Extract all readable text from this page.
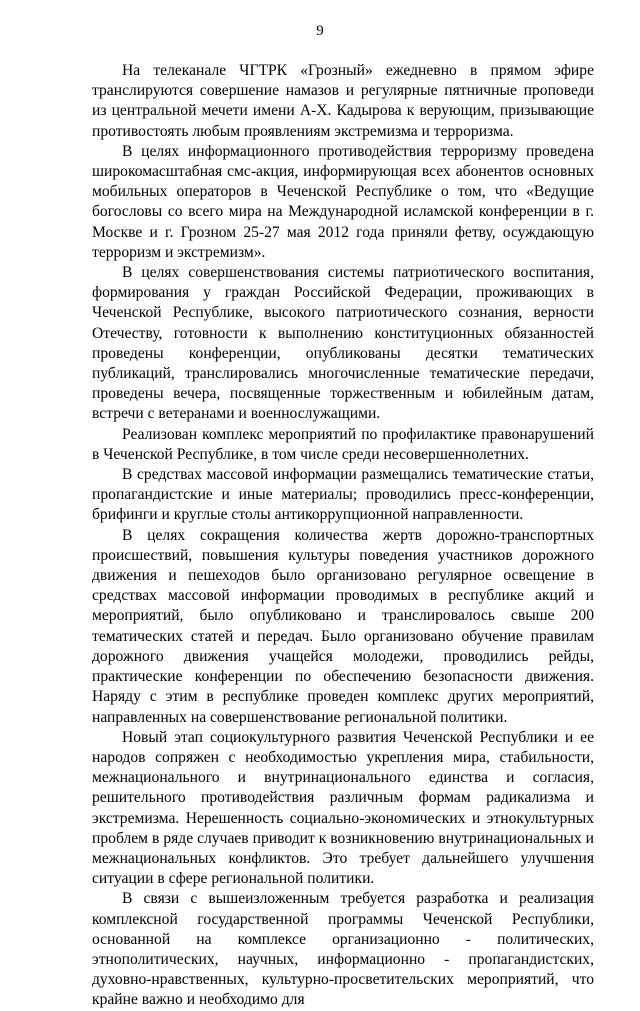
9

На телеканале ЧГТРК «Грозный» ежедневно в прямом эфире транслируются совершение намазов и регулярные пятничные проповеди из центральной мечети имени А-Х. Кадырова к верующим, призывающие противостоять любым проявлениям экстремизма и терроризма.

В целях информационного противодействия терроризму проведена широкомасштабная смс-акция, информирующая всех абонентов основных мобильных операторов в Чеченской Республике о том, что «Ведущие богословы со всего мира на Международной исламской конференции в г. Москве и г. Грозном 25-27 мая 2012 года приняли фетву, осуждающую терроризм и экстремизм».

В целях совершенствования системы патриотического воспитания, формирования у граждан Российской Федерации, проживающих в Чеченской Республике, высокого патриотического сознания, верности Отечеству, готовности к выполнению конституционных обязанностей проведены конференции, опубликованы десятки тематических публикаций, транслировались многочисленные тематические передачи, проведены вечера, посвященные торжественным и юбилейным датам, встречи с ветеранами и военнослужащими.

Реализован комплекс мероприятий по профилактике правонарушений в Чеченской Республике, в том числе среди несовершеннолетних.

В средствах массовой информации размещались тематические статьи, пропагандистские и иные материалы; проводились пресс-конференции, брифинги и круглые столы антикоррупционной направленности.

В целях сокращения количества жертв дорожно-транспортных происшествий, повышения культуры поведения участников дорожного движения и пешеходов было организовано регулярное освещение в средствах массовой информации проводимых в республике акций и мероприятий, было опубликовано и транслировалось свыше 200 тематических статей и передач. Было организовано обучение правилам дорожного движения учащейся молодежи, проводились рейды, практические конференции по обеспечению безопасности движения. Наряду с этим в республике проведен комплекс других мероприятий, направленных на совершенствование региональной политики.

Новый этап социокультурного развития Чеченской Республики и ее народов сопряжен с необходимостью укрепления мира, стабильности, межнационального и внутринационального единства и согласия, решительного противодействия различным формам радикализма и экстремизма. Нерешенность социально-экономических и этнокультурных проблем в ряде случаев приводит к возникновению внутринациональных и межнациональных конфликтов. Это требует дальнейшего улучшения ситуации в сфере региональной политики.

В связи с вышеизложенным требуется разработка и реализация комплексной государственной программы Чеченской Республики, основанной на комплексе организационно - политических, этнополитических, научных, информационно - пропагандистских, духовно-нравственных, культурно-просветительских мероприятий, что крайне важно и необходимо для
